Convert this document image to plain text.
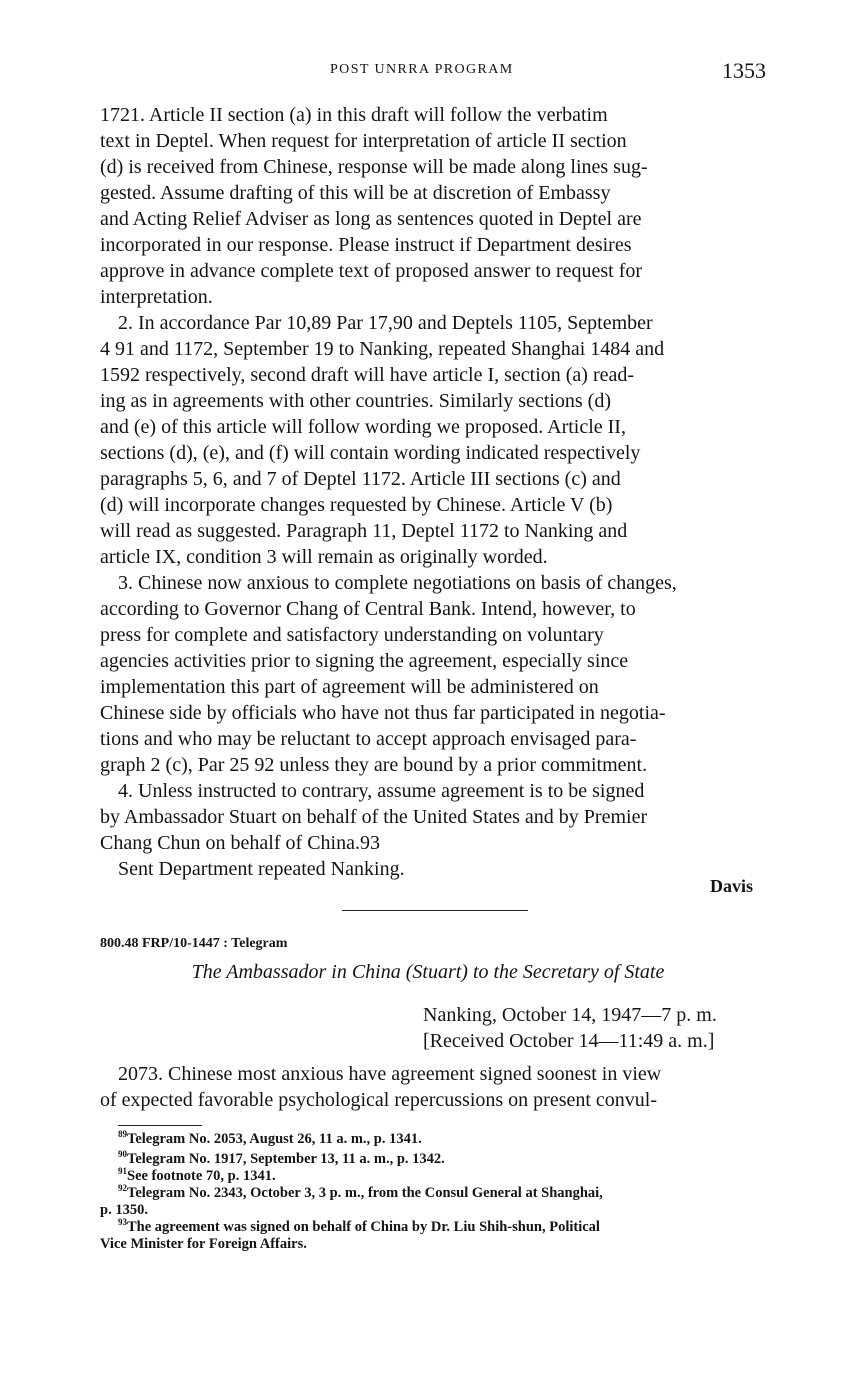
POST UNRRA PROGRAM	1353
1721. Article II section (a) in this draft will follow the verbatim
text in Deptel. When request for interpretation of article II section
(d) is received from Chinese, response will be made along lines sug-
gested. Assume drafting of this will be at discretion of Embassy
and Acting Relief Adviser as long as sentences quoted in Deptel are
incorporated in our response. Please instruct if Department desires
approve in advance complete text of proposed answer to request for
interpretation.
2. In accordance Par 10,89 Par 17,90 and Deptels 1105, September
4 91 and 1172, September 19 to Nanking, repeated Shanghai 1484 and
1592 respectively, second draft will have article I, section (a) read-
ing as in agreements with other countries. Similarly sections (d)
and (e) of this article will follow wording we proposed. Article II,
sections (d), (e), and (f) will contain wording indicated respectively
paragraphs 5, 6, and 7 of Deptel 1172. Article III sections (c) and
(d) will incorporate changes requested by Chinese. Article V (b)
will read as suggested. Paragraph 11, Deptel 1172 to Nanking and
article IX, condition 3 will remain as originally worded.
3. Chinese now anxious to complete negotiations on basis of changes,
according to Governor Chang of Central Bank. Intend, however, to
press for complete and satisfactory understanding on voluntary
agencies activities prior to signing the agreement, especially since
implementation this part of agreement will be administered on
Chinese side by officials who have not thus far participated in negotia-
tions and who may be reluctant to accept approach envisaged para-
graph 2 (c), Par 25 92 unless they are bound by a prior commitment.
4. Unless instructed to contrary, assume agreement is to be signed
by Ambassador Stuart on behalf of the United States and by Premier
Chang Chun on behalf of China.93
Sent Department repeated Nanking.
Davis
800.48 FRP/10-1447 : Telegram
The Ambassador in China (Stuart) to the Secretary of State
Nanking, October 14, 1947—7 p. m.
[Received October 14—11:49 a. m.]
2073. Chinese most anxious have agreement signed soonest in view
of expected favorable psychological repercussions on present convul-
$^{89}$Telegram No. 2053, August 26, 11 a. m., p. 1341.
$^{90}$Telegram No. 1917, September 13, 11 a. m., p. 1342.
$^{91}$See footnote 70, p. 1341.
$^{92}$Telegram No. 2343, October 3, 3 p. m., from the Consul General at Shanghai,
p. 1350.
$^{93}$The agreement was signed on behalf of China by Dr. Liu Shih-shun, Political
Vice Minister for Foreign Affairs.
